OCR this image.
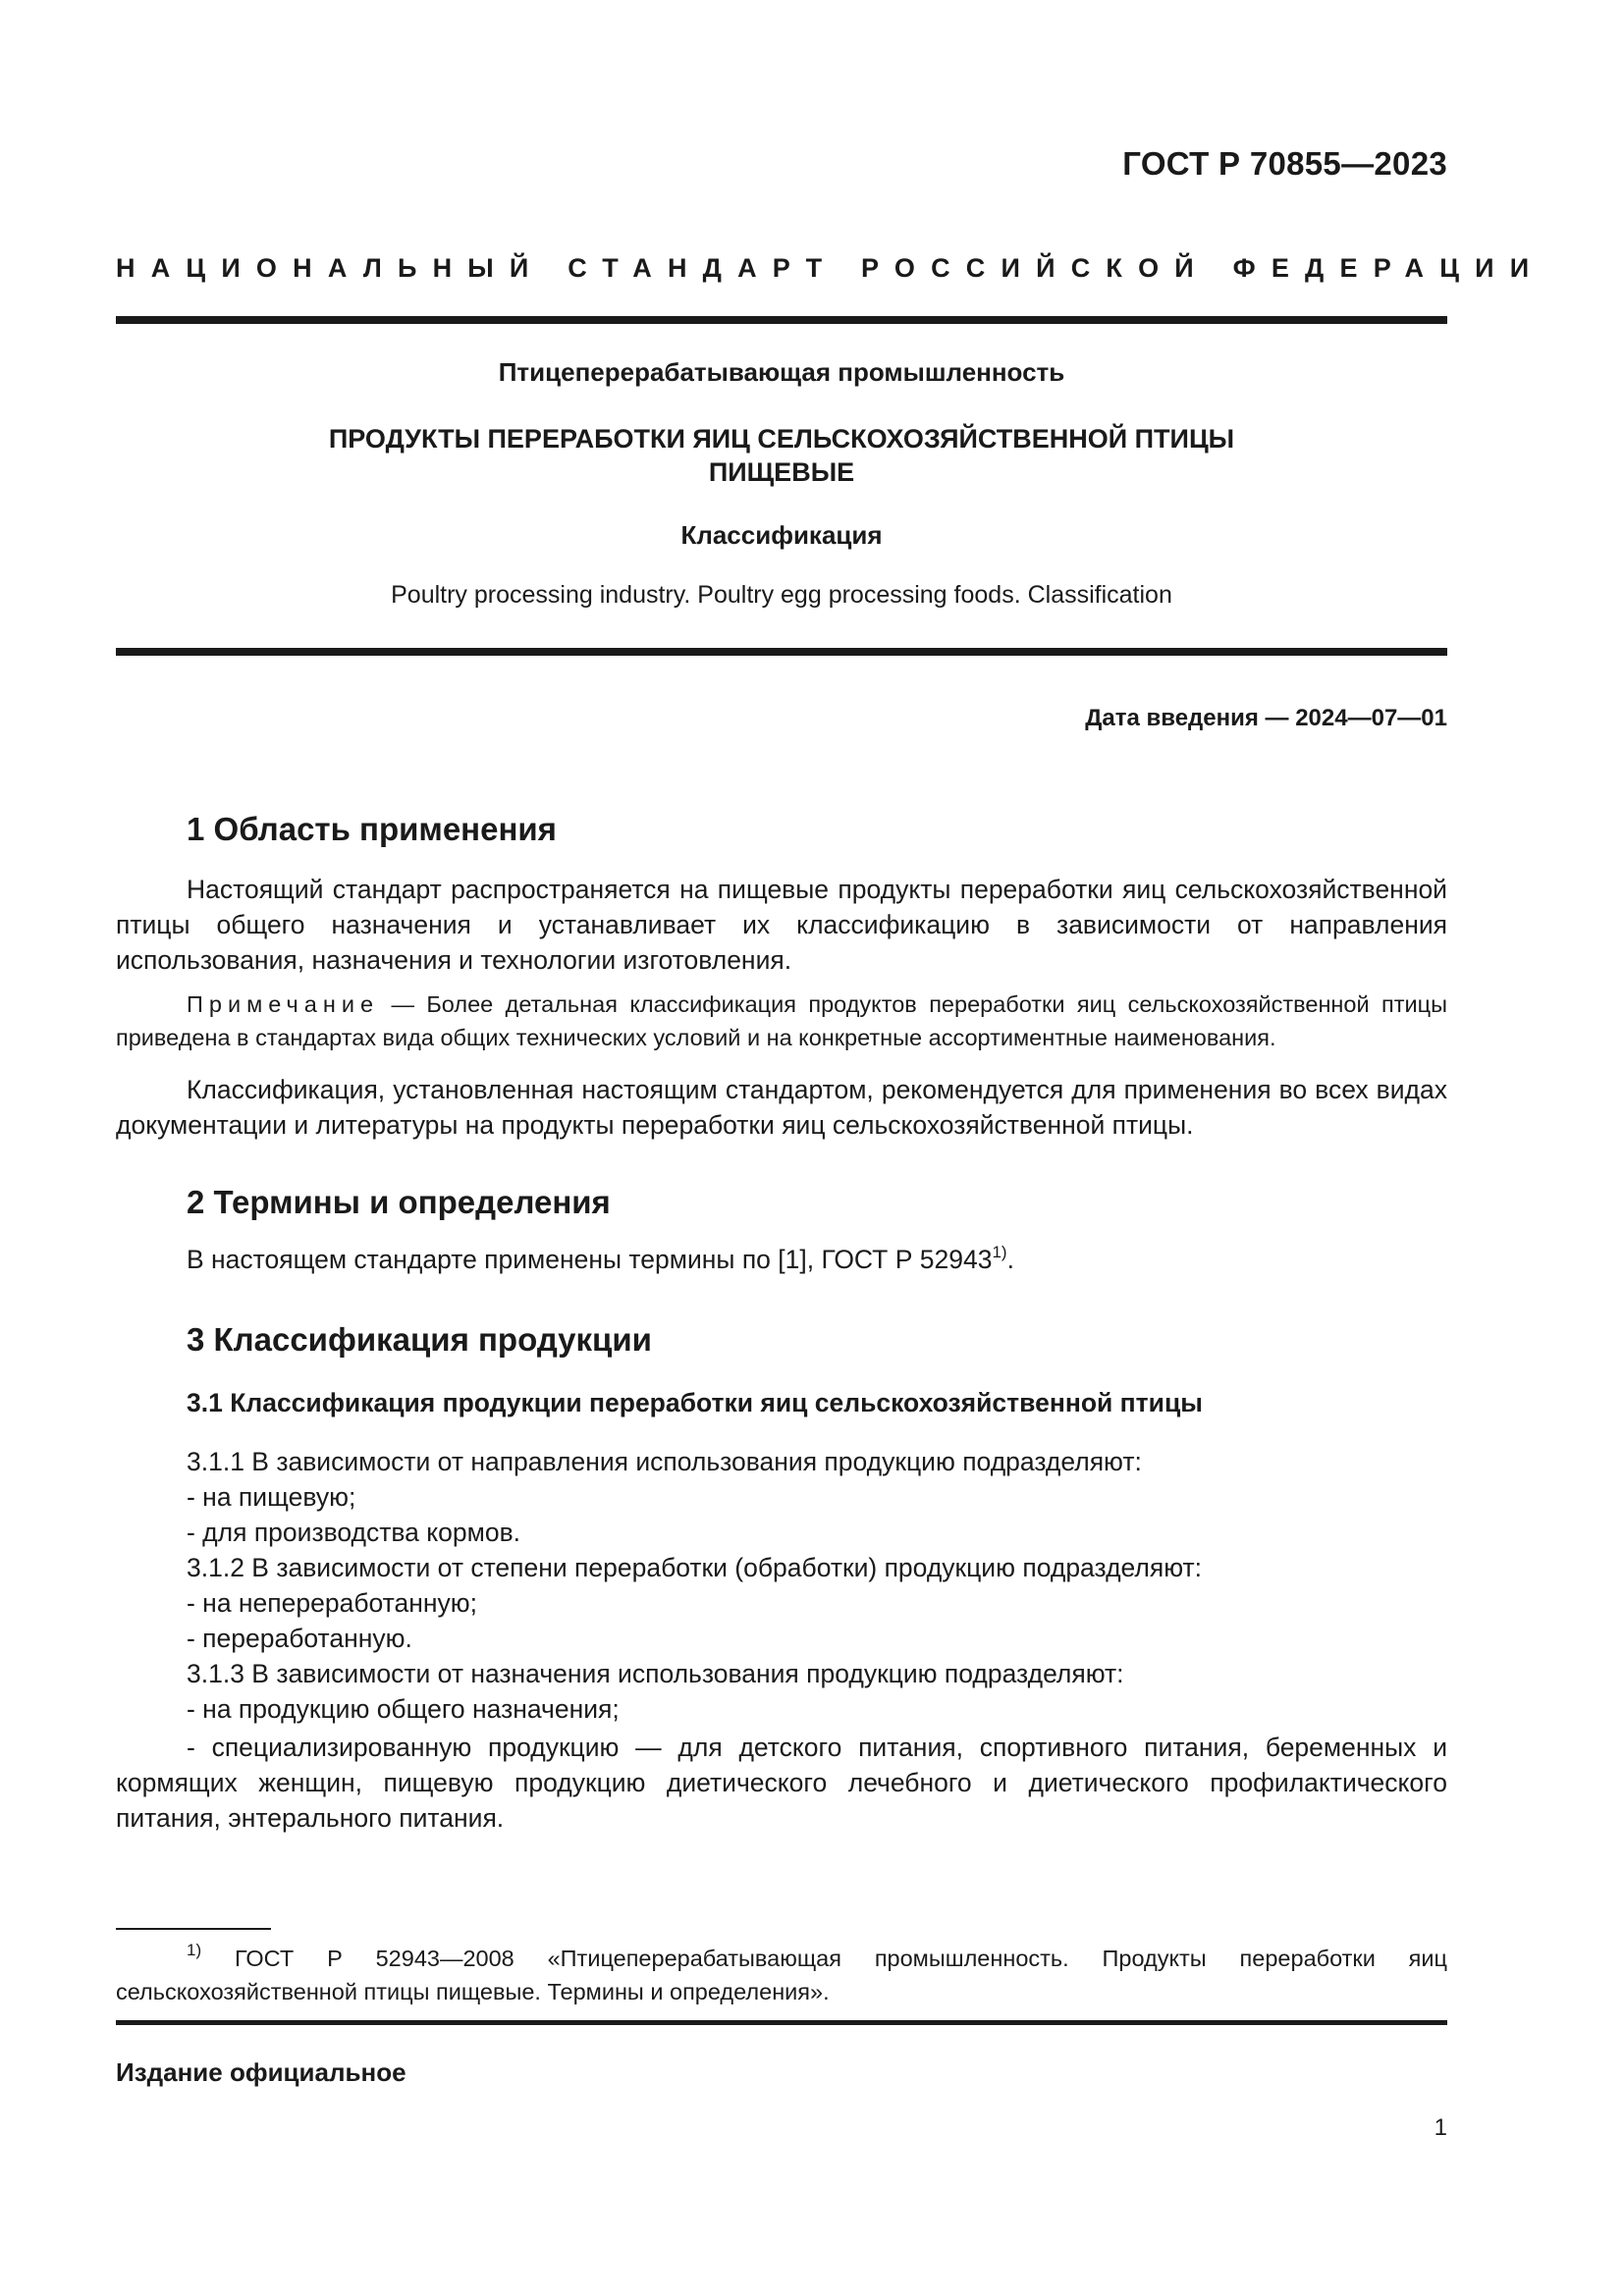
ГОСТ Р 70855—2023
НАЦИОНАЛЬНЫЙ СТАНДАРТ РОССИЙСКОЙ ФЕДЕРАЦИИ
Птицеперерабатывающая промышленность
ПРОДУКТЫ ПЕРЕРАБОТКИ ЯИЦ СЕЛЬСКОХОЗЯЙСТВЕННОЙ ПТИЦЫ
ПИЩЕВЫЕ
Классификация
Poultry processing industry. Poultry egg processing foods. Classification
Дата введения — 2024—07—01
1 Область применения
Настоящий стандарт распространяется на пищевые продукты переработки яиц сельскохозяйственной птицы общего назначения и устанавливает их классификацию в зависимости от направления использования, назначения и технологии изготовления.
Примечание — Более детальная классификация продуктов переработки яиц сельскохозяйственной птицы приведена в стандартах вида общих технических условий и на конкретные ассортиментные наименования.
Классификация, установленная настоящим стандартом, рекомендуется для применения во всех видах документации и литературы на продукты переработки яиц сельскохозяйственной птицы.
2 Термины и определения
В настоящем стандарте применены термины по [1], ГОСТ Р 52943$^{1)}$.
3 Классификация продукции
3.1 Классификация продукции переработки яиц сельскохозяйственной птицы
3.1.1 В зависимости от направления использования продукцию подразделяют:
- на пищевую;
- для производства кормов.
3.1.2 В зависимости от степени переработки (обработки) продукцию подразделяют:
- на непереработанную;
- переработанную.
3.1.3 В зависимости от назначения использования продукцию подразделяют:
- на продукцию общего назначения;
- специализированную продукцию — для детского питания, спортивного питания, беременных и кормящих женщин, пищевую продукцию диетического лечебного и диетического профилактического питания, энтерального питания.
$^{1)}$ ГОСТ Р 52943—2008 «Птицеперерабатывающая промышленность. Продукты переработки яиц сельскохозяйственной птицы пищевые. Термины и определения».
Издание официальное
1
